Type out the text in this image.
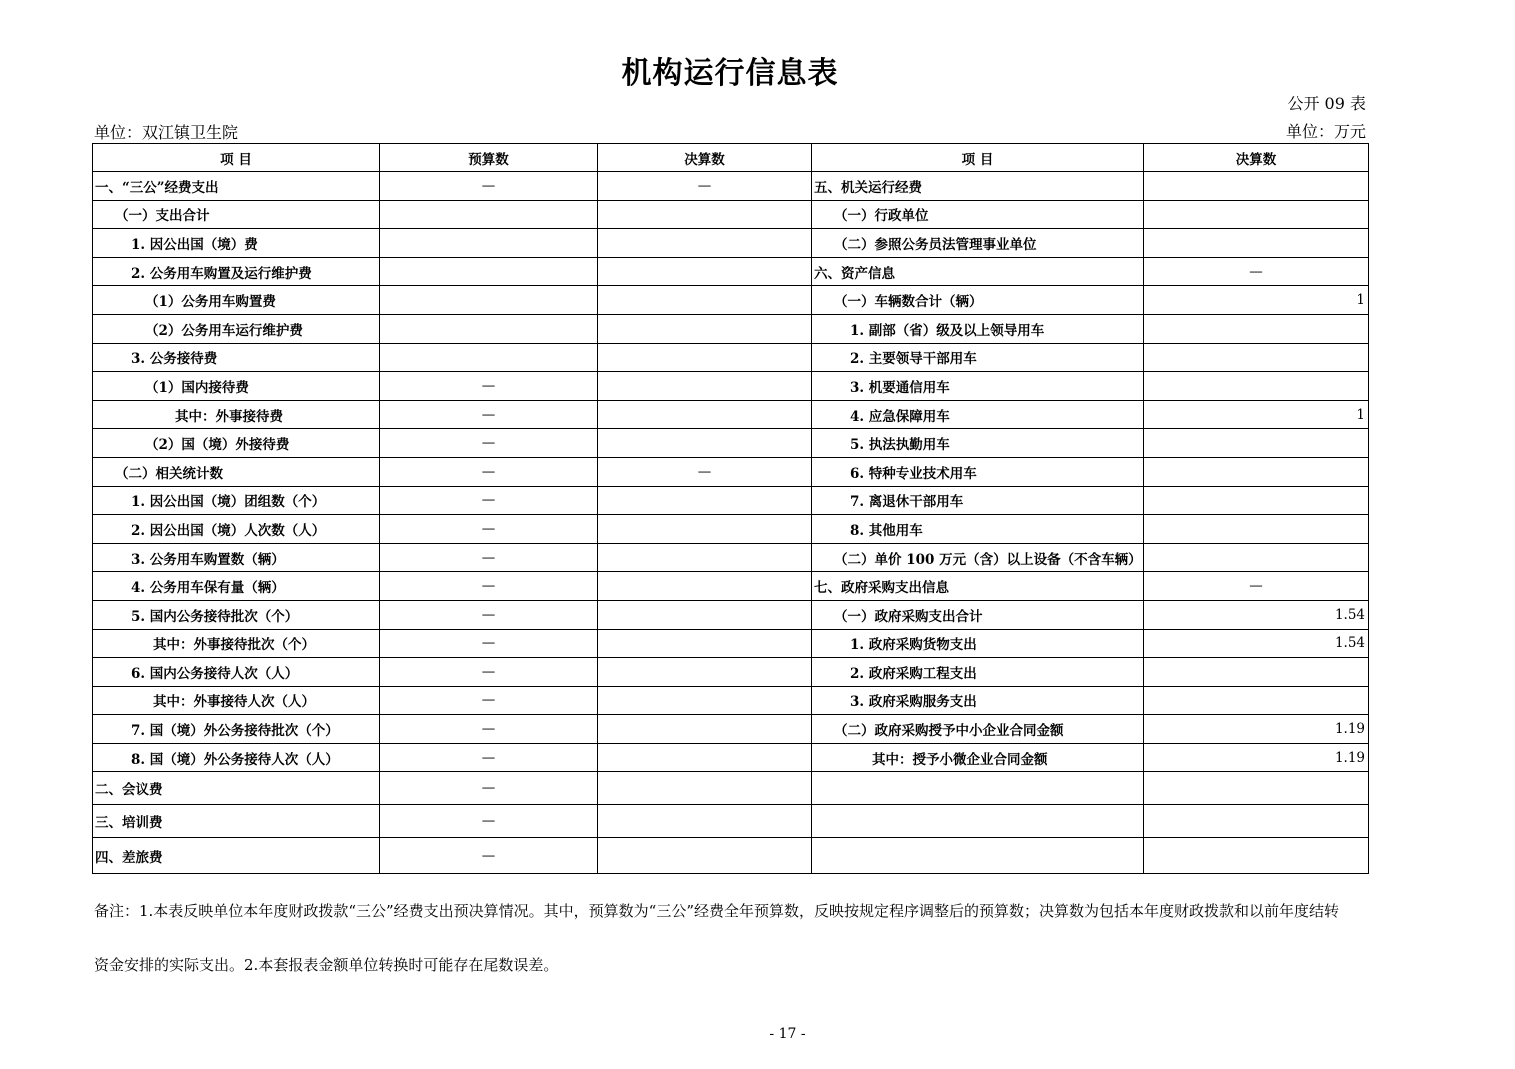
机构运行信息表
公开 09 表
单位：双江镇卫生院	单位：万元
项 目	预算数	决算数	项 目	决算数
一、“三公”经费支出	—	—	五、机关运行经费	
（一）支出合计			（一）行政单位	
1. 因公出国（境）费			（二）参照公务员法管理事业单位	
2. 公务用车购置及运行维护费			六、资产信息	—
（1）公务用车购置费			（一）车辆数合计（辆）	1
（2）公务用车运行维护费			1. 副部（省）级及以上领导用车	
3. 公务接待费			2. 主要领导干部用车	
（1）国内接待费	—		3. 机要通信用车	
其中：外事接待费	—		4. 应急保障用车	1
（2）国（境）外接待费	—		5. 执法执勤用车	
（二）相关统计数	—	—	6. 特种专业技术用车	
1. 因公出国（境）团组数（个）	—		7. 离退休干部用车	
2. 因公出国（境）人次数（人）	—		8. 其他用车	
3. 公务用车购置数（辆）	—		（二）单价 100 万元（含）以上设备（不含车辆）	
4. 公务用车保有量（辆）	—		七、政府采购支出信息	—
5. 国内公务接待批次（个）	—		（一）政府采购支出合计	1.54
其中：外事接待批次（个）	—		1. 政府采购货物支出	1.54
6. 国内公务接待人次（人）	—		2. 政府采购工程支出	
其中：外事接待人次（人）	—		3. 政府采购服务支出	
7. 国（境）外公务接待批次（个）	—		（二）政府采购授予中小企业合同金额	1.19
8. 国（境）外公务接待人次（人）	—		其中：授予小微企业合同金额	1.19
二、会议费	—			
三、培训费	—			
四、差旅费	—			
备注：1.本表反映单位本年度财政拨款“三公”经费支出预决算情况。其中，预算数为“三公”经费全年预算数，反映按规定程序调整后的预算数；决算数为包括本年度财政拨款和以前年度结转
资金安排的实际支出。2.本套报表金额单位转换时可能存在尾数误差。
- 17 -
